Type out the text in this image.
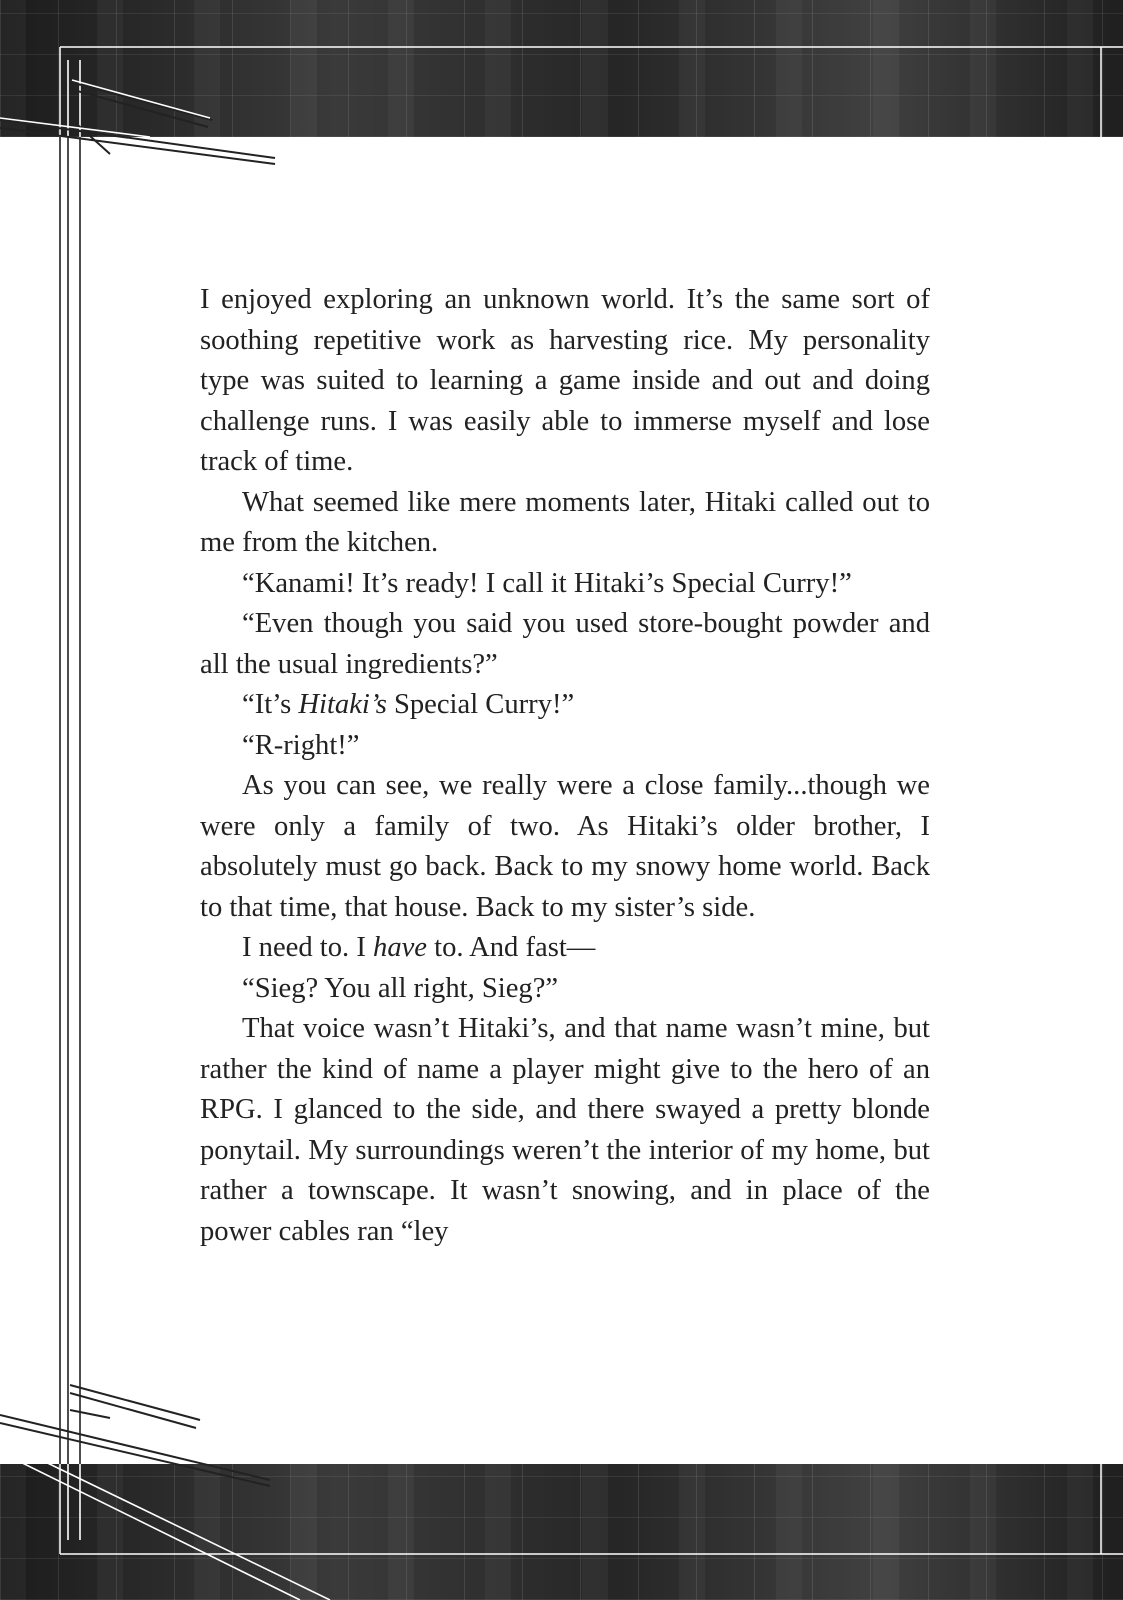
I enjoyed exploring an unknown world. It’s the same sort of soothing repetitive work as harvesting rice. My personality type was suited to learning a game inside and out and doing challenge runs. I was easily able to immerse myself and lose track of time.

What seemed like mere moments later, Hitaki called out to me from the kitchen.

“Kanami! It’s ready! I call it Hitaki’s Special Curry!”

“Even though you said you used store-bought powder and all the usual ingredients?”

“It’s Hitaki’s Special Curry!”

“R-right!”

As you can see, we really were a close family...though we were only a family of two. As Hitaki’s older brother, I absolutely must go back. Back to my snowy home world. Back to that time, that house. Back to my sister’s side.

I need to. I have to. And fast—

“Sieg? You all right, Sieg?”

That voice wasn’t Hitaki’s, and that name wasn’t mine, but rather the kind of name a player might give to the hero of an RPG. I glanced to the side, and there swayed a pretty blonde ponytail. My surroundings weren’t the interior of my home, but rather a townscape. It wasn’t snowing, and in place of the power cables ran “ley
